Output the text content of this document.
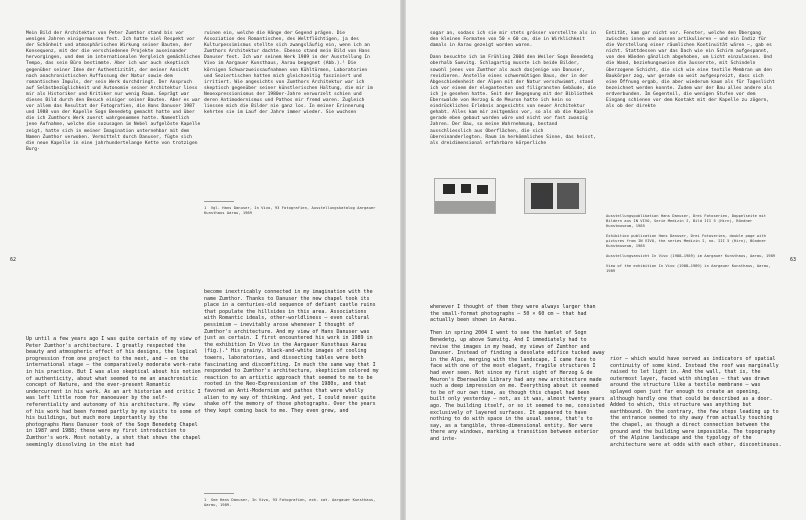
Mein Bild der Architektur von Peter Zumthor stand bis vor wenigen Jahren einigermassen fest. Ich hatte viel Respekt vor der Schönheit und atmosphärischen Wirkung seiner Bauten, der Konsequenz, mit der die verschiedenen Projekte auseinander hervorgingen, und dem im internationalen Vergleich gemächlichen Tempo, das sein Büro bestimmte. Aber ich war auch skeptisch gegenüber seiner Idee der Authentizität, der meiner Ansicht nach anachronistischen Auffassung der Natur sowie dem romantischen Impuls, der sein Werk durchdringt. Der Anspruch auf Selbstbezüglichkeit und Autonomie seiner Architektur liess mir als Historiker und Kritiker nur wenig Raum. Geprägt war dieses Bild durch den Besuch einiger seiner Bauten. Aber es war vor allem das Resultat der Fotografien, die Hans Danuser 1987 und 1988 von der Kapelle Sogn Benedetg gemacht hatte und über die ich Zumthors Werk zuerst wahrgenommen hatte. Namentlich jene Aufnahme, welche die sozusagen im Nebel aufgelöste Kapelle zeigt, hatte sich in meiner Imagination unternehbar mit dem Namen Zumthor verwoben. Vermittelt durch Danuser, fügte sich die neue Kapelle in eine jahrhundertelange Kette von trotzigen Burg-
ruinen ein, welche die Hänge der Gegend prägen. Die Assoziation des Romantischen, des Weltflüchtigen, ja des Kulturpessimismus stellte sich zwangsläufig ein, wenn ich an Zumthors Architektur dachte. Ebenso stand mein Bild von Hans Danuser fest. Ich war seinem Werk 1989 in der Ausstellung In Vivo im Aargauer Kunsthaus, Aarau begegnet (Abb.).¹ Die körnigen Schwarzweissaufnahmen von Kühltürmen, Laboratorien und Seziertischen hatten mich gleichzeitig fasziniert und irritiert. Wie angesichts von Zumthors Architektur war ich skeptisch gegenüber seiner künstlerischen Haltung, die mir im Neoexpressionismus der 1980er-Jahre verwurzelt schien und deren Antimodernismus und Pathos mir fremd waren. Zugleich liessen mich die Bilder nie ganz los. In meiner Erinnerung kehrten sie im Lauf der Jahre immer wieder. Sie wuchsen
1  Vgl. Hans Danuser, In Vivo, 93 Fotografien, Ausstellungskatalog Aargauer Kunsthaus Aarau, 1989
62
Up until a few years ago I was quite certain of my view of Peter Zumthor's architecture. I greatly respected the beauty and atmospheric effect of his designs, the logical progression from one project to the next, and — on the international stage — the comparatively moderate work-rate in his practice. But I was also skeptical about his notion of authenticity, about what seemed to me an anachronistic concept of Nature, and the ever-present Romantic undercurrent in his work. As an art historian and critic I was left little room for manoeuver by the self-referentiality and autonomy of his architecture. My view of his work had been formed partly by my visits to some of his buildings, but much more importantly by the photographs Hans Danuser took of the Sogn Benedetg Chapel in 1987 and 1988; these were my first introduction to Zumthor's work. Most notably, a shot that shows the chapel seemingly dissolving in the mist had
become inextricably connected in my imagination with the name Zumthor. Thanks to Danuser the new chapel took its place in a centuries-old sequence of defiant castle ruins that populate the hillsides in this area. Associations with Romantic ideals, other-worldliness — even cultural pessimism — inevitably arose whenever I thought of Zumthor's architecture. And my view of Hans Danuser was just as certain. I first encountered his work in 1989 in the exhibition In Vivo in the Aargauer Kunsthaus Aarau (fig.).¹ His grainy, black-and-white images of cooling towers, laboratories, and dissecting tables were both fascinating and discomfiting. In much the same way that I responded to Zumthor's architecture, skepticism colored my reaction to an artistic approach that seemed to me to be rooted in the Neo-Expressionism of the 1980s, and that favored an Anti-Modernism and pathos that were wholly alien to my way of thinking. And yet, I could never quite shake off the memory of those photographs. Over the years they kept coming back to me. They even grew, and
1  See Hans Danuser, In Vivo, 93 Fotografien, exh. cat. Aargauer Kunsthaus, Aarau, 1989.
sogar an, sodass ich sie mir stets grösser vorstellte als in den kleinen Formaten von 50 × 60 cm, die in Wirklichkeit damals in Aarau gezeigt worden waren.

Dann besuchte ich im Frühling 2004 den Weiler Sogn Benedetg oberhalb Sumvitg. Schlagartig musste ich beide Bilder, sowohl jenes von Zumthor als auch dasjenige von Danuser, revidieren. Anstelle eines schwermütigen Baus, der in der Abgeschiedenheit der Alpen mit der Natur verschwimmt, stand ich vor einem der elegantesten und filigransten Gebäude, die ich je gesehen hatte. Seit der Begegnung mit der Bibliothek Eberswalde von Herzog & de Meuron hatte ich kein so eindrückliches Erlebnis angesichts von neuer Architektur gehabt. Alles kam mir zeitgemäss vor, so als ob die Kapelle gerade eben gebaut worden wäre und nicht vor fast zwanzig Jahren. Der Bau, so meine Wahrnehmung, bestand ausschliesslich aus Oberflächen, die sich übereinanderlegten. Raum im herkömmlichen Sinne, das heisst, als dreidimensional erfahrbare körperliche
Entität, kam gar nicht vor. Fenster, welche den Übergang zwischen innen und aussen artikulieren — und ein Indiz für die Vorstellung einer räumlichen Kontinuität wären —, gab es nicht. Stattdessen war das Dach wie ein Schirm aufgespannt, von den Wänden gänzlich abgehoben, um Licht einzulassen. Und die Wand, beziehungsweise die äusserste, mit Schindeln überzogene Schicht, die sich wie eine textile Membran um den Baukörper zog, war gerade so weit aufgespreizt, dass sich eine Öffnung ergab, die aber wiederum kaum als für Tageslicht bezeichnet werden konnte. Zudem war der Bau alles andere als erdverbunden. Im Gegenteil, die wenigen Stufen vor dem Eingang schienen vor dem Kontakt mit der Kapelle zu zögern, als ob der direkte
Ausstellungspublikation Hans Danuser, Drei Fotoserien, Doppelseite mit Bildern aus IN VIVO, Serie Medizin I, Bild III 5 (Hirn), Bündner Kunstmuseum, 1985

Exhibition publication Hans Danuser, Drei Fotoserien, double page with pictures from IN VIVO, the series Medizin I, no. III 5 (Hirn), Bündner Kunstmuseum, 1985

Ausstellungsansicht In Vivo (1988–1989) im Aargauer Kunsthaus, Aarau, 1989

View of the exhibition In Vivo (1988–1989) in Aargauer Kunsthaus, Aarau, 1989
63
whenever I thought of them they were always larger than the small-format photographs — 50 × 60 cm — that had actually been shown in Aarau.

Then in spring 2004 I went to see the hamlet of Sogn Benedetg, up above Sumvitg. And I immediately had to revise the images in my head, my views of Zumthor and Danuser. Instead of finding a desolate edifice tucked away in the Alps, merging with the landscape, I came face to face with one of the most elegant, fragile structures I had ever seen. Not since my first sight of Herzog & de Meuron's Eberswalde Library had any new architecture made such a deep impression on me. Everything about it seemed to be of our own time, as though this chapel had been built only yesterday — not, as it was, almost twenty years ago. The building itself, or so it seemed to me, consisted exclusively of layered surfaces. It appeared to have nothing to do with space in the usual sense, that's to say, as a tangible, three-dimensional entity. Nor were there any windows, marking a transition between exterior and inte-
rior — which would have served as indicators of spatial continuity of some kind. Instead the roof was marginally raised to let light in. And the wall, that is, the outermost layer, faced with shingles — that was drawn around the structure like a textile membrane — was splayed open just far enough to create an opening, although hardly one that could be described as a door. Added to which, this structure was anything but earthbound. On the contrary, the few steps leading up to the entrance seemed to shy away from actually touching the chapel, as though a direct connection between the ground and the building were impossible. The topography of the Alpine landscape and the typology of the architecture were at odds with each other, discontinuous.
